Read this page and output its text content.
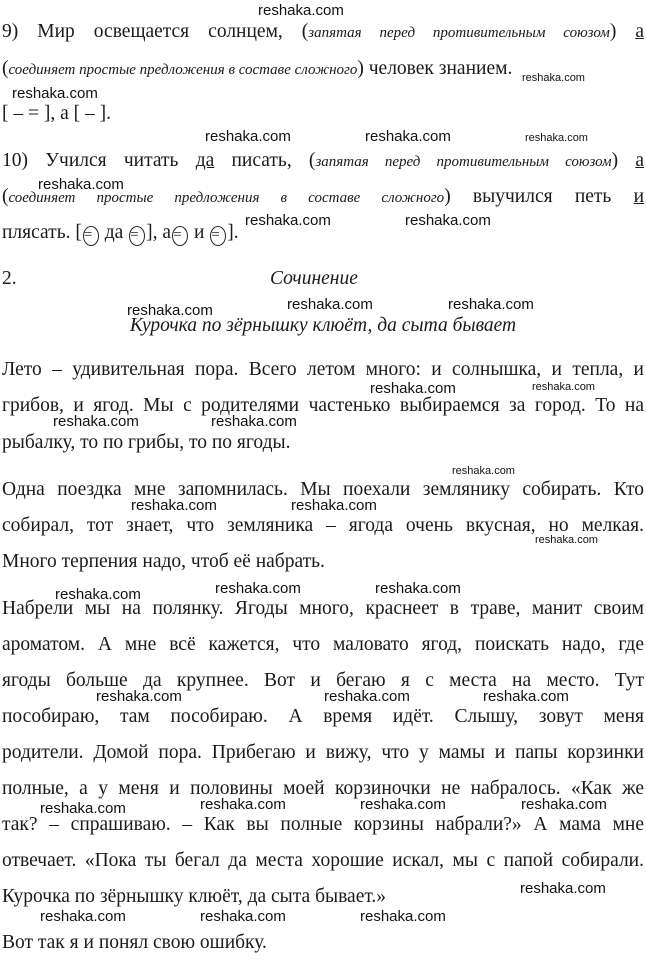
reshaka.com
9) Мир освещается солнцем, (запятая перед противительным союзом) а
(соединяет простые предложения в составе сложного) человек знанием.
[ – = ], а [ – ].
10) Учился читать да писать, (запятая перед противительным союзом) а
(соединяет простые предложения в составе сложного) выучился петь и
плясать. [ = да = ], а = и = ].
2.	Сочинение
Курочка по зёрнышку клюёт, да сыта бывает
Лето – удивительная пора. Всего летом много: и солнышка, и тепла, и
грибов, и ягод. Мы с родителями частенько выбираемся за город. То на
рыбалку, то по грибы, то по ягоды.
Одна поездка мне запомнилась. Мы поехали землянику собирать. Кто
собирал, тот знает, что земляника – ягода очень вкусная, но мелкая.
Много терпения надо, чтоб её набрать.
Набрели мы на полянку. Ягоды много, краснеет в траве, манит своим
ароматом. А мне всё кажется, что маловато ягод, поискать надо, где
ягоды больше да крупнее. Вот и бегаю я с места на место. Тут
пособираю, там пособираю. А время идёт. Слышу, зовут меня
родители. Домой пора. Прибегаю и вижу, что у мамы и папы корзинки
полные, а у меня и половины моей корзиночки не набралось. «Как же
так? – спрашиваю. – Как вы полные корзины набрали?» А мама мне
отвечает. «Пока ты бегал да места хорошие искал, мы с папой собирали.
Курочка по зёрнышку клюёт, да сыта бывает.»
Вот так я и понял свою ошибку.
reshaka.com
reshaka.com
reshaka.com	reshaka.com	reshaka.com
reshaka.com
reshaka.com	reshaka.com
reshaka.com	reshaka.com
reshaka.com
reshaka.com	reshaka.com
reshaka.com
reshaka.com
reshaka.com
reshaka.com
reshaka.com
reshaka.com
reshaka.com	reshaka.com
reshaka.com
reshaka.com	reshaka.com	reshaka.com
reshaka.com	reshaka.com	reshaka.com	reshaka.com
reshaka.com
reshaka.com	reshaka.com	reshaka.com
